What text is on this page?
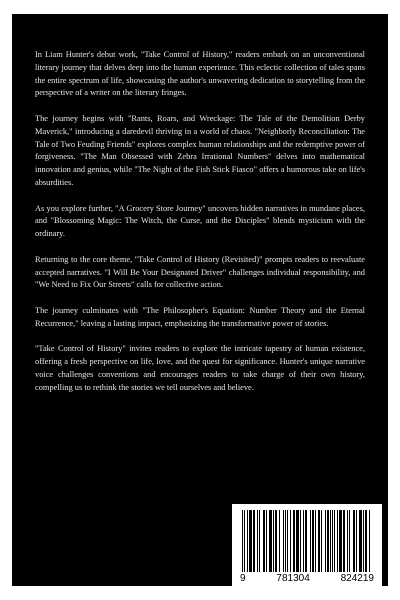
In Liam Hunter's debut work, "Take Control of History," readers embark on an unconventional literary journey that delves deep into the human experience. This eclectic collection of tales spans the entire spectrum of life, showcasing the author's unwavering dedication to storytelling from the perspective of a writer on the literary fringes.

The journey begins with "Rants, Roars, and Wreckage: The Tale of the Demolition Derby Maverick," introducing a daredevil thriving in a world of chaos. "Neighborly Reconciliation: The Tale of Two Feuding Friends" explores complex human relationships and the redemptive power of forgiveness. "The Man Obsessed with Zebra Irrational Numbers" delves into mathematical innovation and genius, while "The Night of the Fish Stick Fiasco" offers a humorous take on life's absurdities.

As you explore further, "A Grocery Store Journey" uncovers hidden narratives in mundane places, and "Blossoming Magic: The Witch, the Curse, and the Disciples" blends mysticism with the ordinary.

Returning to the core theme, "Take Control of History (Revisited)" prompts readers to reevaluate accepted narratives. "I Will Be Your Designated Driver" challenges individual responsibility, and "We Need to Fix Our Streets" calls for collective action.

The journey culminates with "The Philosopher's Equation: Number Theory and the Eternal Recurrence," leaving a lasting impact, emphasizing the transformative power of stories.

"Take Control of History" invites readers to explore the intricate tapestry of human existence, offering a fresh perspective on life, love, and the quest for significance. Hunter's unique narrative voice challenges conventions and encourages readers to take charge of their own history, compelling us to rethink the stories we tell ourselves and believe.

9	781304	824219
